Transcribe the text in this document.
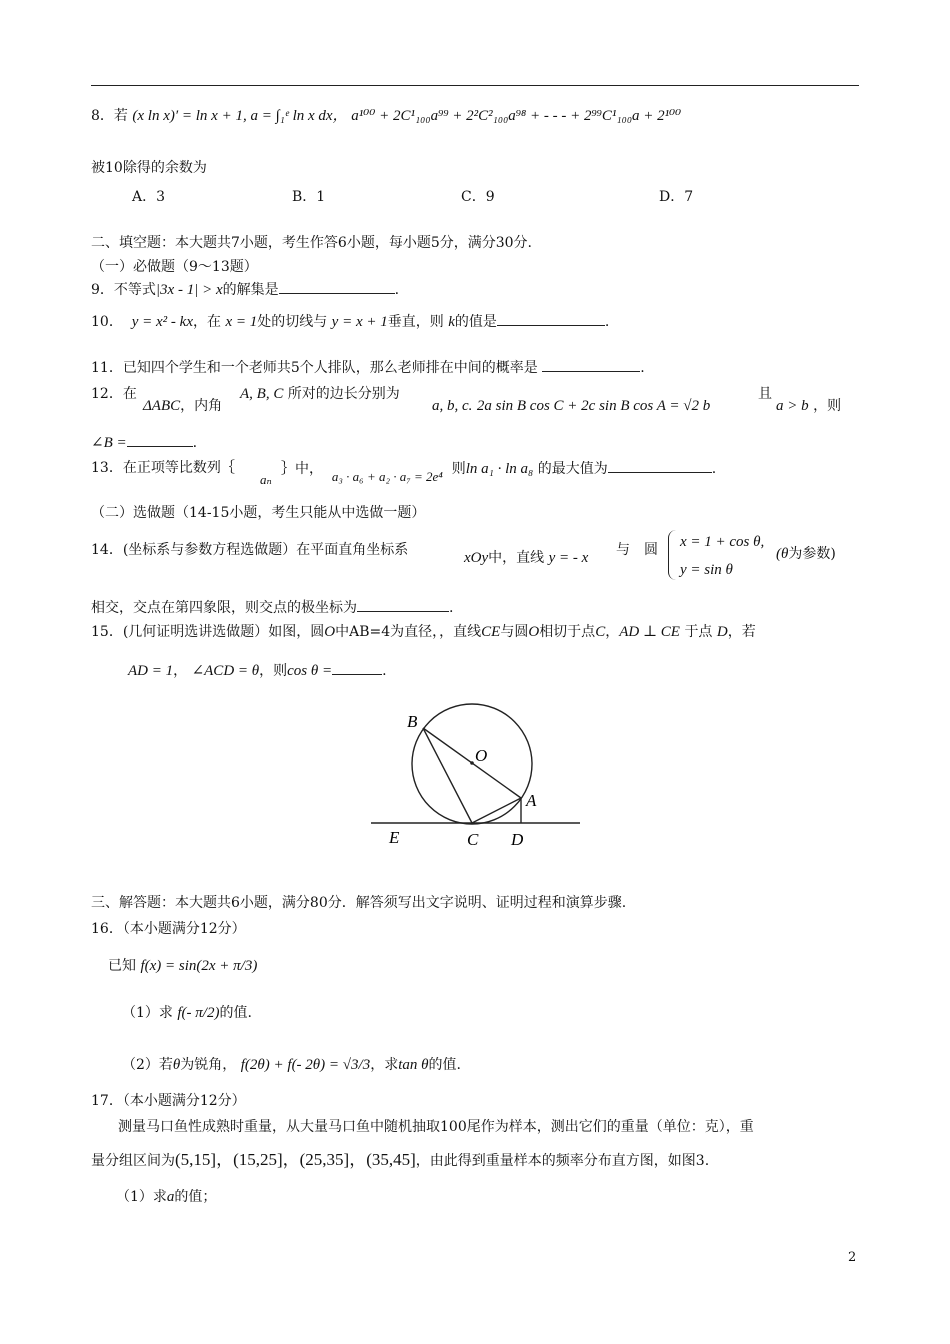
8．若 (x ln x)′ = ln x + 1, a = ∫₁ᵉ ln x dx， a¹⁰⁰ + 2C¹₁₀₀a⁹⁹ + 2²C²₁₀₀a⁹⁸ + - - - + 2⁹⁹C¹₁₀₀a + 2¹⁰⁰
被10除得的余数为
A．3	B．1	C．9	D．7
二、填空题：本大题共7小题，考生作答6小题，每小题5分，满分30分.
（一）必做题（9～13题）
9．不等式|3x - 1| > x的解集是	.
10． y = x² - kx，在 x = 1处的切线与 y = x + 1垂直，则 k的值是	.
11．已知四个学生和一个老师共5个人排队，那么老师排在中间的概率是	.
12．在
ΔABC，内角
A, B, C 所对的边长分别为
a, b, c. 2a sin B cos C + 2c sin B cos A = √2 b
且
a > b ，则
∠B =	.
13．在正项等比数列｛
aₙ
｝中， a₃ · a₆ + a₂ · a₇ = 2e⁴ 则ln a₁ · ln a₈ 的最大值为	.
（二）选做题（14-15小题，考生只能从中选做一题）
14．(坐标系与参数方程选做题）在平面直角坐标系	xOy中，直线 y = - x 与　圆 x = 1 + cos θ,
y = sin θ
(θ为参数)
相交，交点在第四象限，则交点的极坐标为	.
15．(几何证明选讲选做题）如图，圆O中AB=4为直径，，直线CE与圆O相切于点C，AD ⊥ CE 于点 D，若
AD = 1， ∠ACD = θ，则cos θ =	.
B
O
A
E	C D
三、解答题：本大题共6小题，满分80分．解答须写出文字说明、证明过程和演算步骤.
16．（本小题满分12分）
已知 f(x) = sin(2x + π/3)
（1）求 f(- π/2)的值.
（2）若θ为锐角， f(2θ) + f(- 2θ) = √3/3，求tan θ的值.
17．（本小题满分12分）
测量马口鱼性成熟时重量，从大量马口鱼中随机抽取100尾作为样本，测出它们的重量（单位：克），重
量分组区间为(5,15]，(15,25]，(25,35]，(35,45]，由此得到重量样本的频率分布直方图，如图3.
（1）求a的值；
2
